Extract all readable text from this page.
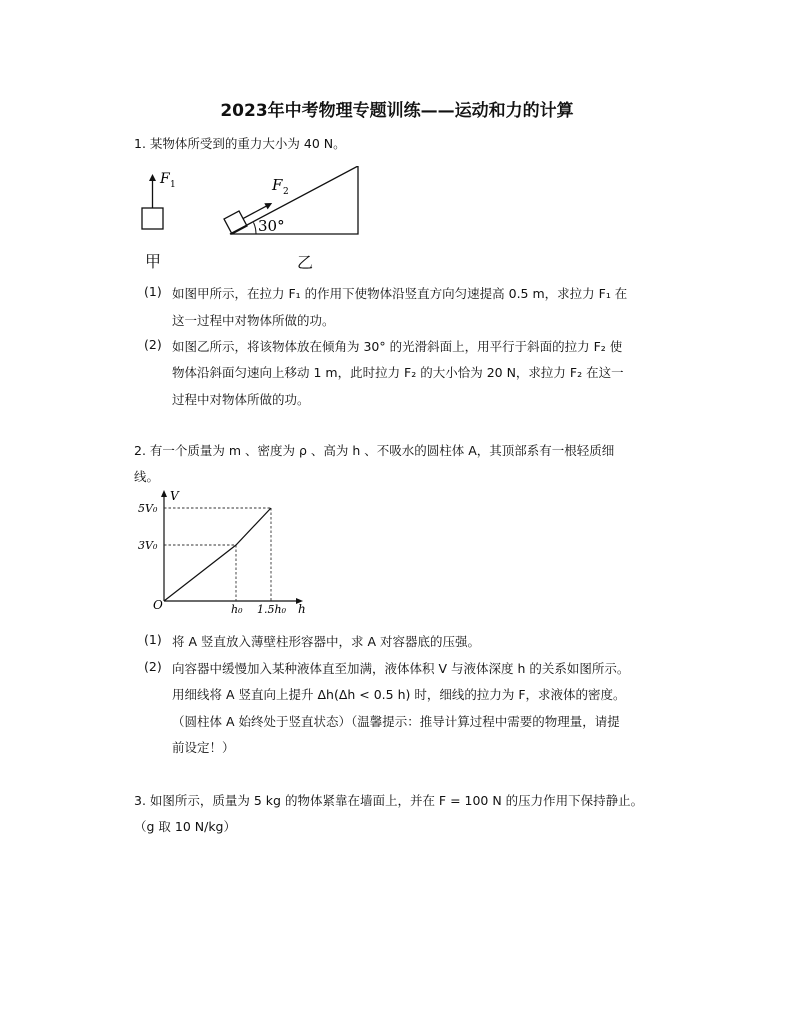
2023年中考物理专题训练——运动和力的计算
1. 某物体所受到的重力大小为 40 N。
F 1
30°
F 2
甲	乙
(1) 如图甲所示，在拉力 F₁ 的作用下使物体沿竖直方向匀速提高 0.5 m，求拉力 F₁ 在
这一过程中对物体所做的功。
(2) 如图乙所示，将该物体放在倾角为 30° 的光滑斜面上，用平行于斜面的拉力 F₂ 使
物体沿斜面匀速向上移动 1 m，此时拉力 F₂ 的大小恰为 20 N，求拉力 F₂ 在这一
过程中对物体所做的功。
2. 有一个质量为 m 、密度为 ρ 、高为 h 、不吸水的圆柱体 A，其顶部系有一根轻质细
线。
V
5V₀
3V₀
O	h₀ 1.5h₀ h
(1) 将 A 竖直放入薄壁柱形容器中，求 A 对容器底的压强。
(2) 向容器中缓慢加入某种液体直至加满，液体体积 V 与液体深度 h 的关系如图所示。
用细线将 A 竖直向上提升 Δh(Δh < 0.5 h) 时，细线的拉力为 F，求液体的密度。
（圆柱体 A 始终处于竖直状态）（温馨提示：推导计算过程中需要的物理量，请提
前设定！）
3. 如图所示，质量为 5 kg 的物体紧靠在墙面上，并在 F = 100 N 的压力作用下保持静止。
（g 取 10 N/kg）
